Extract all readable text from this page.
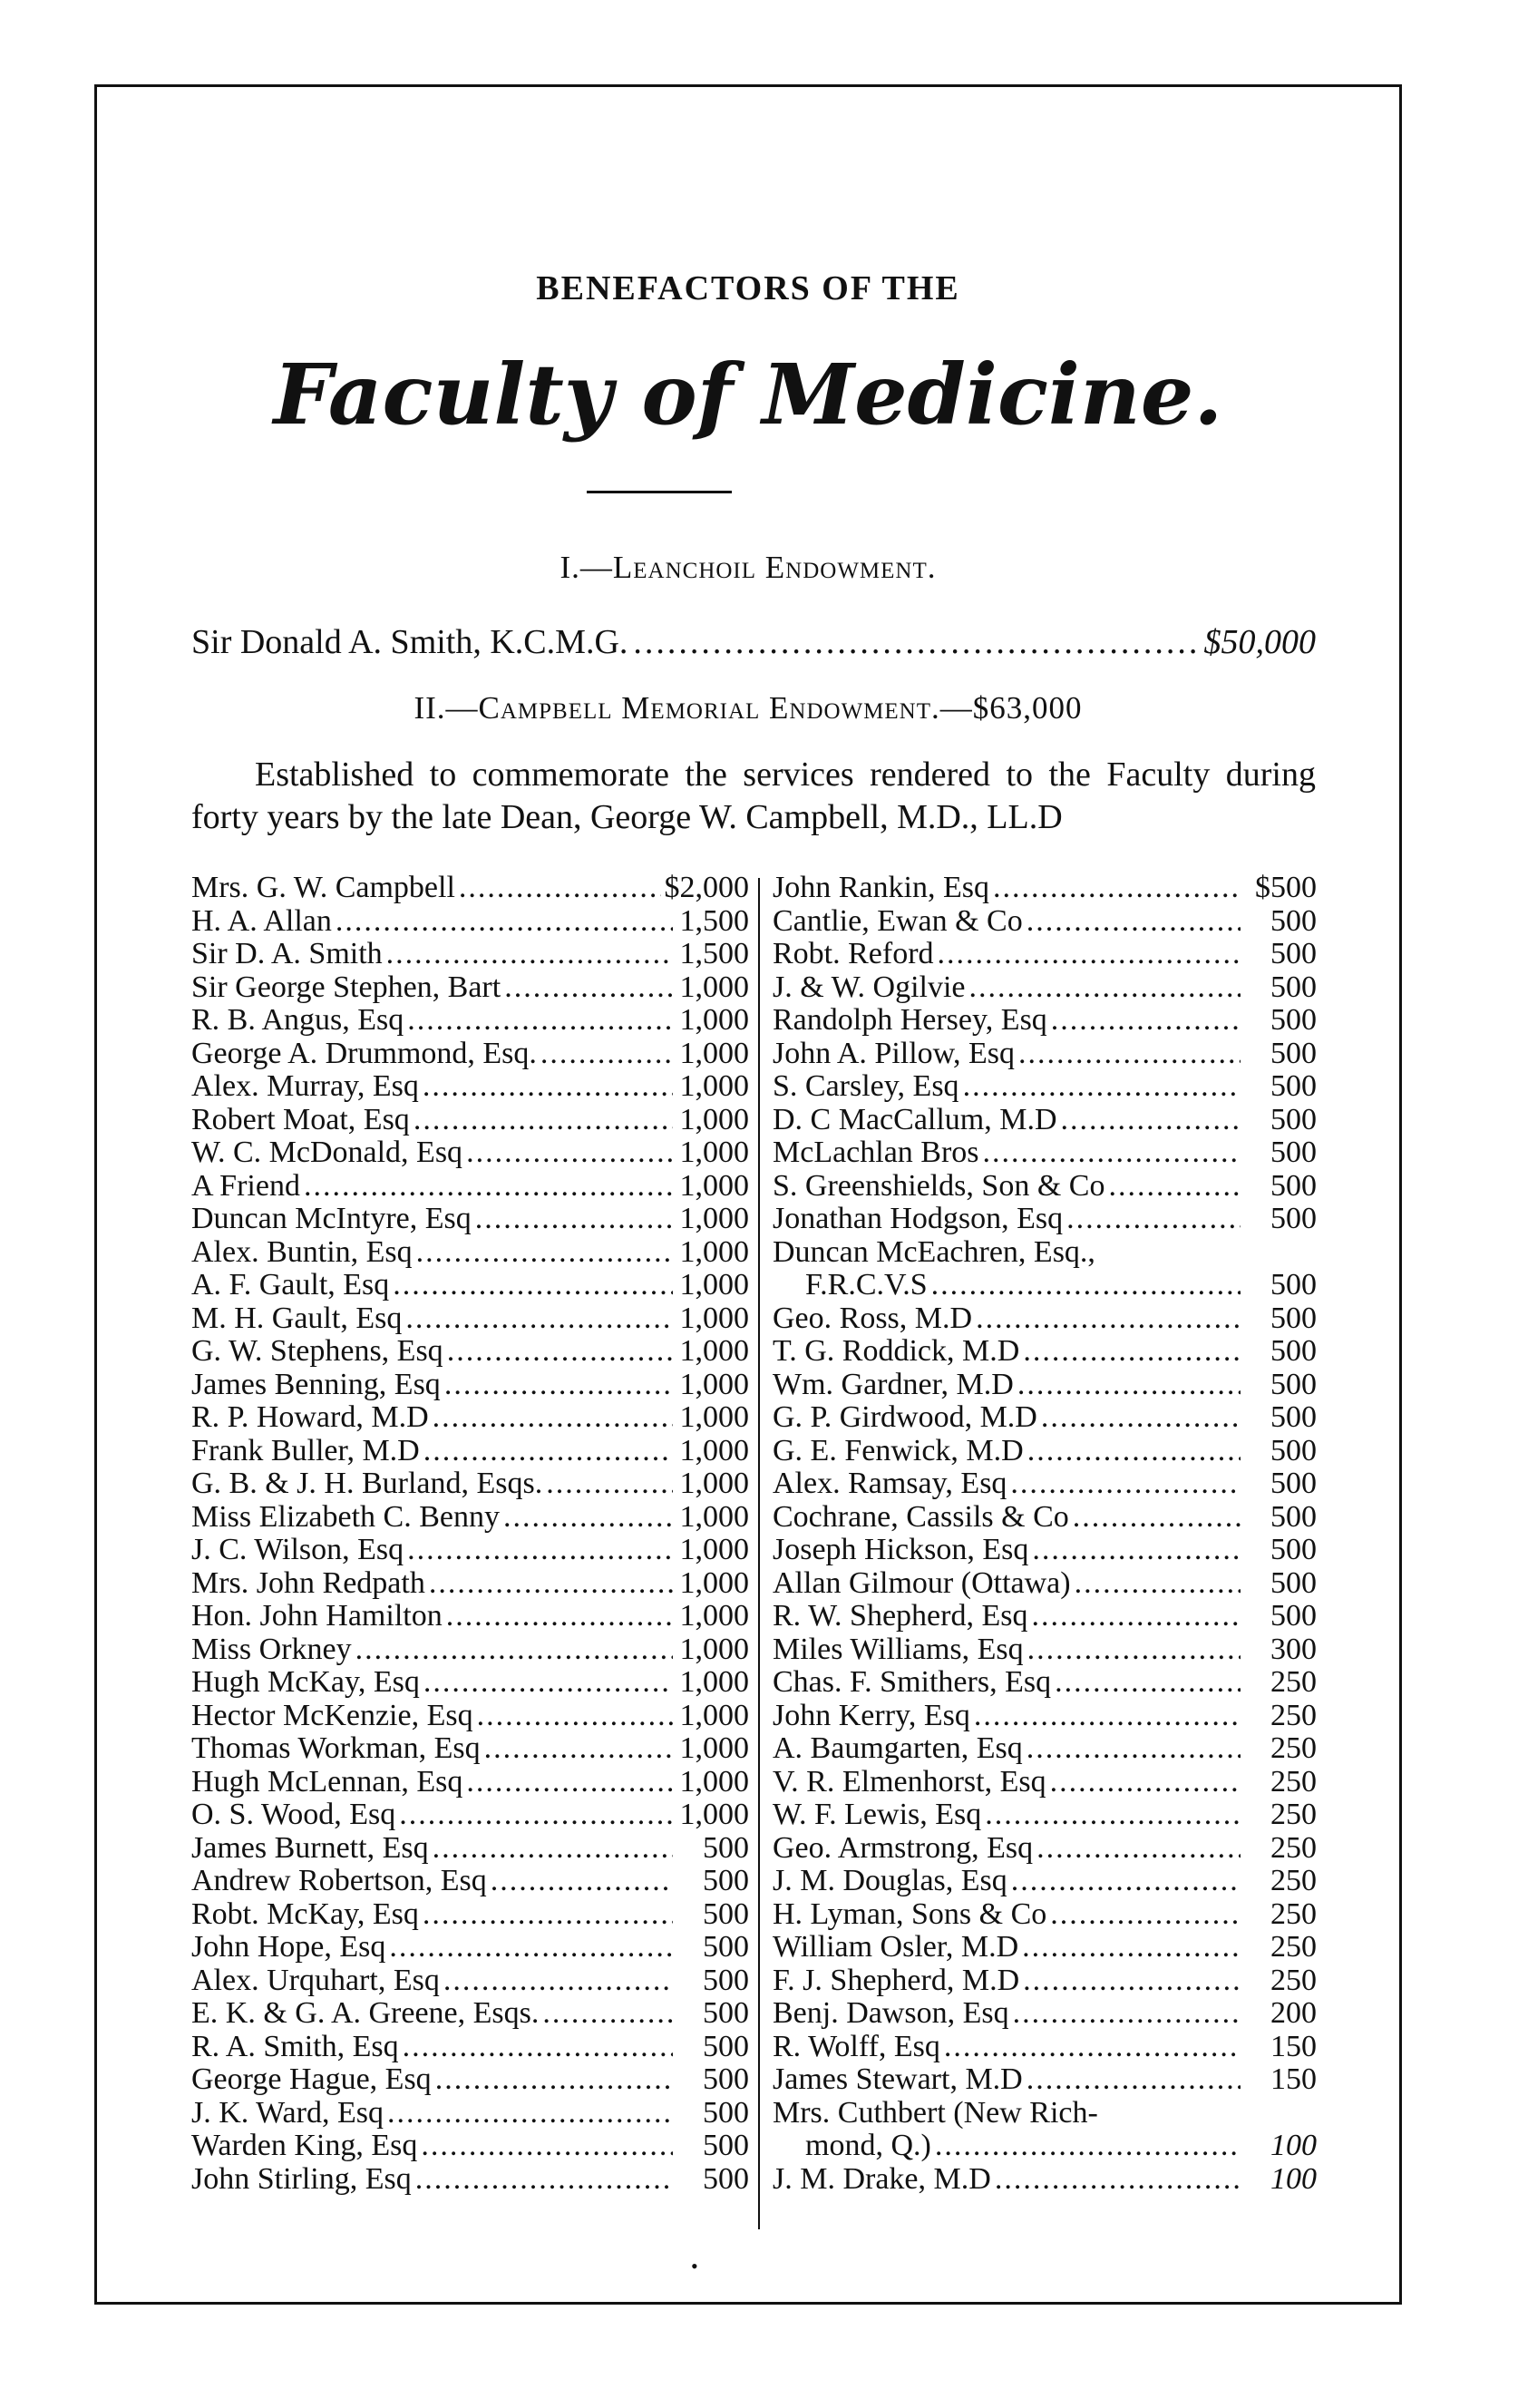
BENEFACTORS OF THE
Faculty of Medicine.
I.—Leanchoil Endowment.
Sir Donald A. Smith, K.C.M.G. .....	$50,000
II.—Campbell Memorial Endowment.—$63,000
Established to commemorate the services rendered to the Faculty during forty years by the late Dean, George W. Campbell, M.D., LL.D
Mrs. G. W. Campbell .....	$2,000
H. A. Allan .....	1,500
Sir D. A. Smith .....	1,500
Sir George Stephen, Bart .....	1,000
R. B. Angus, Esq .....	1,000
George A. Drummond, Esq. .....	1,000
Alex. Murray, Esq .....	1,000
Robert Moat, Esq .....	1,000
W. C. McDonald, Esq .....	1,000
A Friend .....	1,000
Duncan McIntyre, Esq .....	1,000
Alex. Buntin, Esq .....	1,000
A. F. Gault, Esq .....	1,000
M. H. Gault, Esq .....	1,000
G. W. Stephens, Esq .....	1,000
James Benning, Esq .....	1,000
R. P. Howard, M.D .....	1,000
Frank Buller, M.D .....	1,000
G. B. & J. H. Burland, Esqs. .....	1,000
Miss Elizabeth C. Benny .....	1,000
J. C. Wilson, Esq .....	1,000
Mrs. John Redpath .....	1,000
Hon. John Hamilton .....	1,000
Miss Orkney .....	1,000
Hugh McKay, Esq .....	1,000
Hector McKenzie, Esq .....	1,000
Thomas Workman, Esq .....	1,000
Hugh McLennan, Esq .....	1,000
O. S. Wood, Esq .....	1,000
James Burnett, Esq .....	500
Andrew Robertson, Esq .....	500
Robt. McKay, Esq .....	500
John Hope, Esq .....	500
Alex. Urquhart, Esq .....	500
E. K. & G. A. Greene, Esqs. .....	500
R. A. Smith, Esq .....	500
George Hague, Esq .....	500
J. K. Ward, Esq .....	500
Warden King, Esq .....	500
John Stirling, Esq .....	500
John Rankin, Esq .....	$500
Cantlie, Ewan & Co .....	500
Robt. Reford .....	500
J. & W. Ogilvie .....	500
Randolph Hersey, Esq .....	500
John A. Pillow, Esq .....	500
S. Carsley, Esq .....	500
D. C MacCallum, M.D .....	500
McLachlan Bros .....	500
S. Greenshields, Son & Co .....	500
Jonathan Hodgson, Esq .....	500
Duncan McEachren, Esq.,
F.R.C.V.S .....	500
Geo. Ross, M.D .....	500
T. G. Roddick, M.D .....	500
Wm. Gardner, M.D .....	500
G. P. Girdwood, M.D .....	500
G. E. Fenwick, M.D .....	500
Alex. Ramsay, Esq .....	500
Cochrane, Cassils & Co .....	500
Joseph Hickson, Esq .....	500
Allan Gilmour (Ottawa) .....	500
R. W. Shepherd, Esq .....	500
Miles Williams, Esq .....	300
Chas. F. Smithers, Esq .....	250
John Kerry, Esq .....	250
A. Baumgarten, Esq .....	250
V. R. Elmenhorst, Esq .....	250
W. F. Lewis, Esq .....	250
Geo. Armstrong, Esq .....	250
J. M. Douglas, Esq .....	250
H. Lyman, Sons & Co .....	250
William Osler, M.D .....	250
F. J. Shepherd, M.D .....	250
Benj. Dawson, Esq .....	200
R. Wolff, Esq .....	150
James Stewart, M.D .....	150
Mrs. Cuthbert (New Rich-
mond, Q.) .....	100
J. M. Drake, M.D .....	100
•
